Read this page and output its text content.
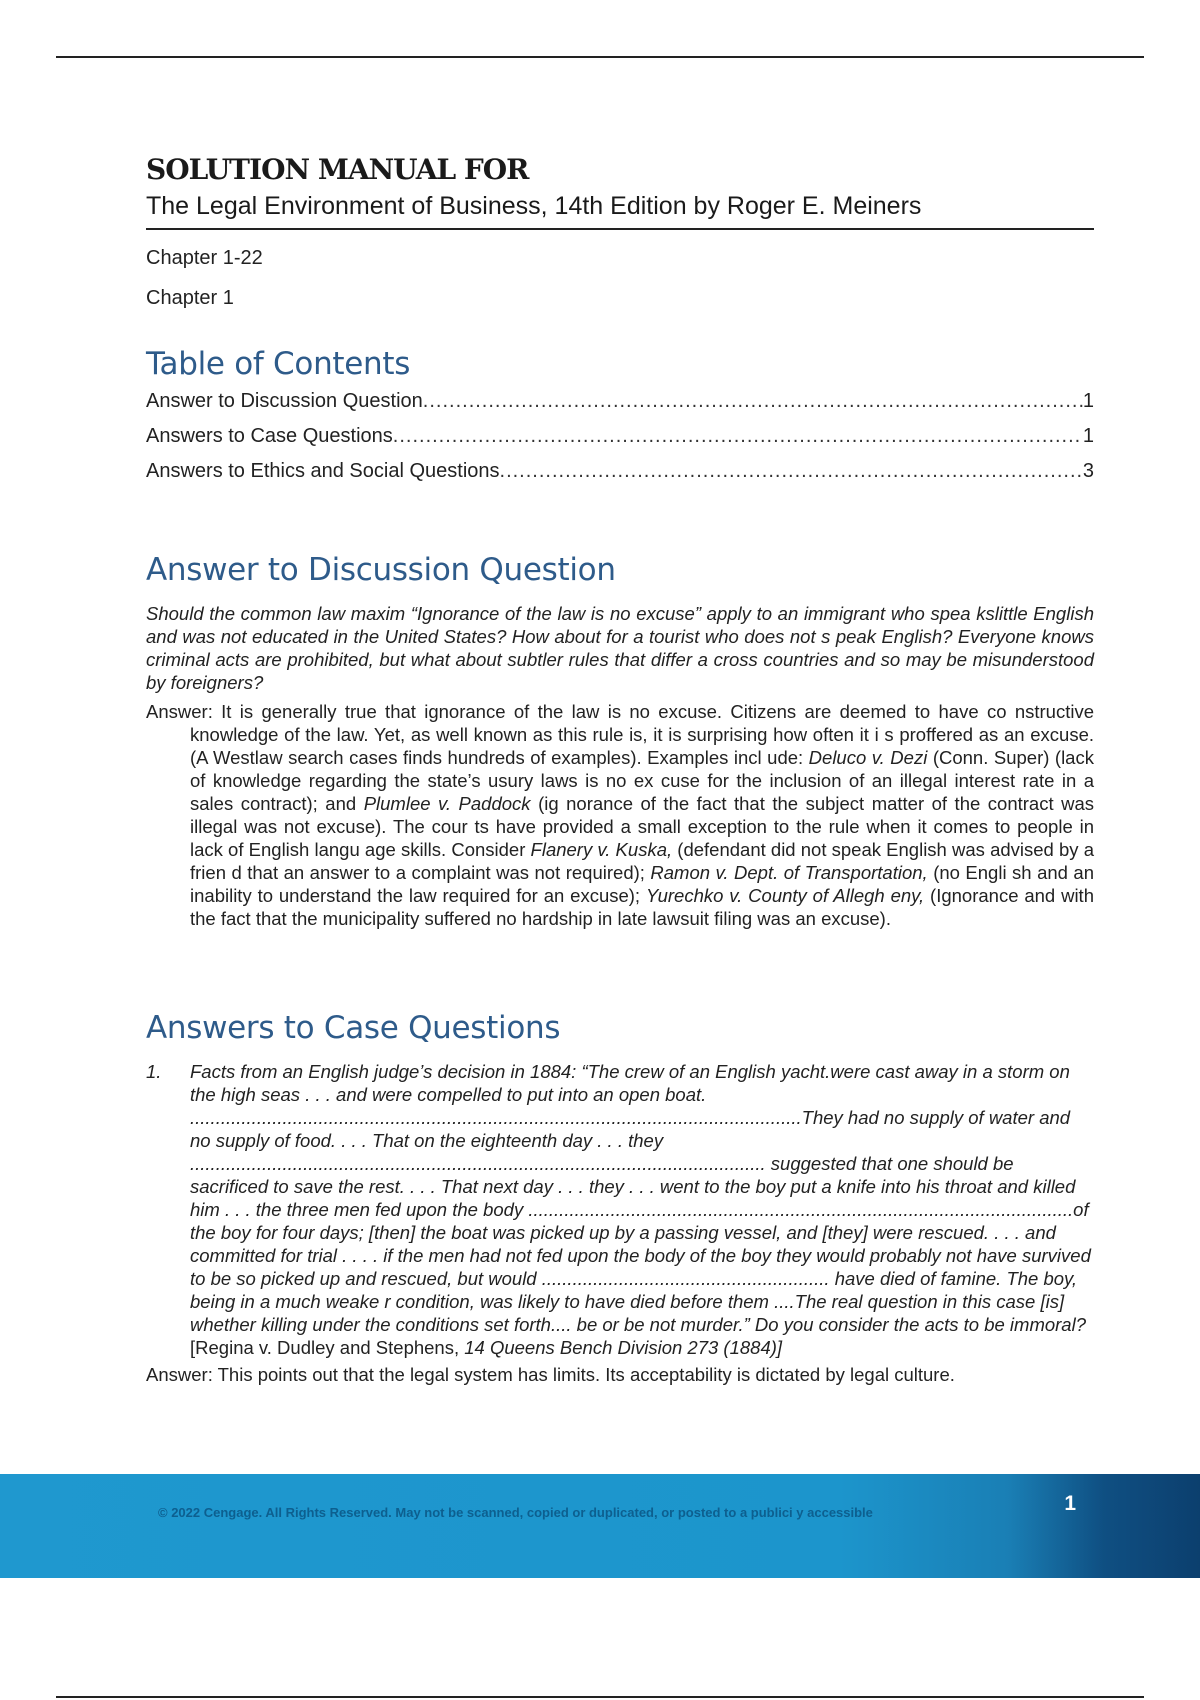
SOLUTION MANUAL FOR
The Legal Environment of Business, 14th Edition by Roger E. Meiners
Chapter 1-22
Chapter 1
Table of Contents
Answer to Discussion Question .....	1
Answers to Case Questions .....	1
Answers to Ethics and Social Questions .....	3
Answer to Discussion Question

Should the common law maxim “Ignorance of the law is no excuse” apply to an immigrant who spea kslittle English and was not educated in the United States? How about for a tourist who does not s peak English? Everyone knows criminal acts are prohibited, but what about subtler rules that differ a cross countries and so may be misunderstood by foreigners?

Answer: It is generally true that ignorance of the law is no excuse. Citizens are deemed to have co nstructive knowledge of the law. Yet, as well known as this rule is, it is surprising how often it i s proffered as an excuse. (A Westlaw search cases finds hundreds of examples). Examples incl ude: Deluco v. Dezi (Conn. Super) (lack of knowledge regarding the state’s usury laws is no ex cuse for the inclusion of an illegal interest rate in a sales contract); and Plumlee v. Paddock (ig norance of the fact that the subject matter of the contract was illegal was not excuse). The cour ts have provided a small exception to the rule when it comes to people in lack of English langu age skills. Consider Flanery v. Kuska, (defendant did not speak English was advised by a frien d that an answer to a complaint was not required); Ramon v. Dept. of Transportation, (no Engli sh and an inability to understand the law required for an excuse); Yurechko v. County of Allegh eny, (Ignorance and with the fact that the municipality suffered no hardship in late lawsuit filing was an excuse).

Answers to Case Questions
1.	Facts from an English judge’s decision in 1884: “The crew of an English yacht.were cast away in a storm on the high seas . . . and were compelled to put into an open boat. .......................................................................................................................They had no supply of water and no supply of food. . . . That on the eighteenth day . . . they ................................................................................................................ suggested that one should be sacrificed to save the rest. . . . That next day . . . they . . . went to the boy put a knife into his throat and killed him . . . the three men fed upon the body ..........................................................................................................of the boy for four days; [then] the boat was picked up by a passing vessel, and [they] were rescued. . . . and committed for trial . . . . if the men had not fed upon the body of the boy they would probably not have survived to be so picked up and rescued, but would ........................................................ have died of famine. The boy, being in a much weake r condition, was likely to have died before them ....The real question in this case [is] whether killing under the conditions set forth.... be or be not murder.” Do you consider the acts to be immoral?
[Regina v. Dudley and Stephens, 14 Queens Bench Division 273 (1884)]
Answer: This points out that the legal system has limits. Its acceptability is dictated by legal culture.
© 2022 Cengage. All Rights Reserved. May not be scanned, copied or duplicated, or posted to a publici y accessible	1
